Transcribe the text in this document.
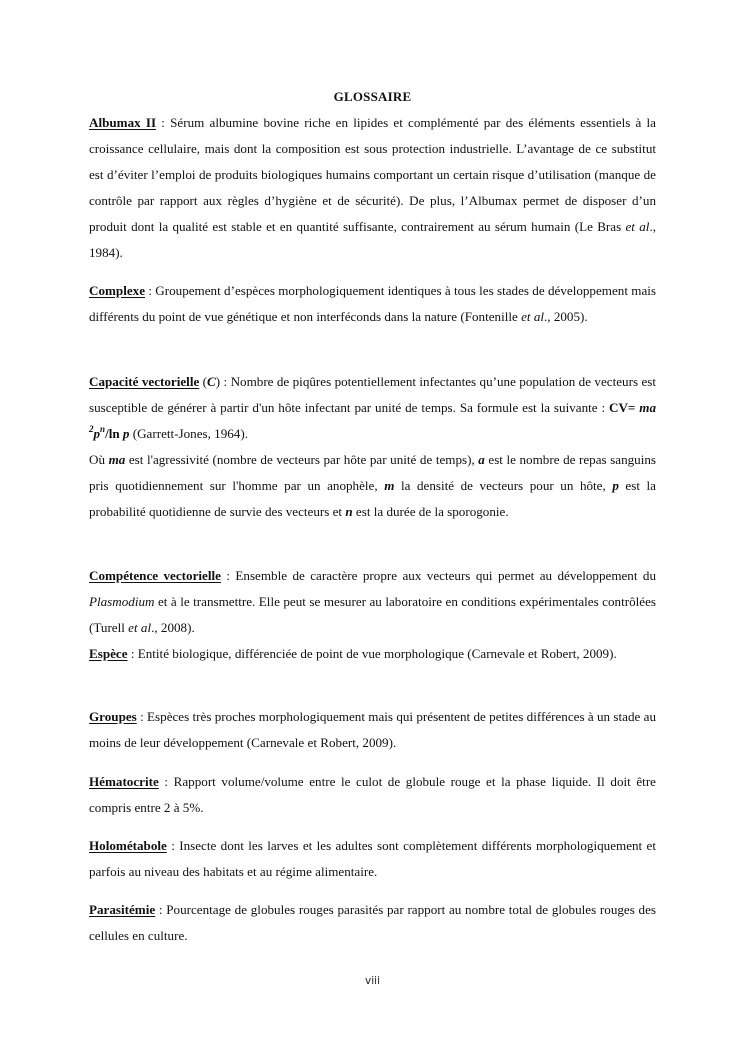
GLOSSAIRE
Albumax II : Sérum albumine bovine riche en lipides et complémenté par des éléments essentiels à la croissance cellulaire, mais dont la composition est sous protection industrielle. L’avantage de ce substitut est d’éviter l’emploi de produits biologiques humains comportant un certain risque d’utilisation (manque de contrôle par rapport aux règles d’hygiène et de sécurité). De plus, l’Albumax permet de disposer d’un produit dont la qualité est stable et en quantité suffisante, contrairement au sérum humain (Le Bras et al., 1984).
Complexe : Groupement d’espèces morphologiquement identiques à tous les stades de développement mais différents du point de vue génétique et non interféconds dans la nature (Fontenille et al., 2005).
Capacité vectorielle (C) : Nombre de piqûres potentiellement infectantes qu’une population de vecteurs est susceptible de générer à partir d'un hôte infectant par unité de temps. Sa formule est la suivante : CV= ma $^2p^n/\ln$ p (Garrett-Jones, 1964).
Où ma est l'agressivité (nombre de vecteurs par hôte par unité de temps), a est le nombre de repas sanguins pris quotidiennement sur l'homme par un anophèle, m la densité de vecteurs pour un hôte, p est la probabilité quotidienne de survie des vecteurs et n est la durée de la sporogonie.
Compétence vectorielle : Ensemble de caractère propre aux vecteurs qui permet au développement du Plasmodium et à le transmettre. Elle peut se mesurer au laboratoire en conditions expérimentales contrôlées (Turell et al., 2008).
Espèce : Entité biologique, différenciée de point de vue morphologique (Carnevale et Robert, 2009).
Groupes : Espèces très proches morphologiquement mais qui présentent de petites différences à un stade au moins de leur développement (Carnevale et Robert, 2009).
Hématocrite : Rapport volume/volume entre le culot de globule rouge et la phase liquide. Il doit être compris entre 2 à 5%.
Holométabole : Insecte dont les larves et les adultes sont complètement différents morphologiquement et parfois au niveau des habitats et au régime alimentaire.
Parasitémie : Pourcentage de globules rouges parasités par rapport au nombre total de globules rouges des cellules en culture.
viii
